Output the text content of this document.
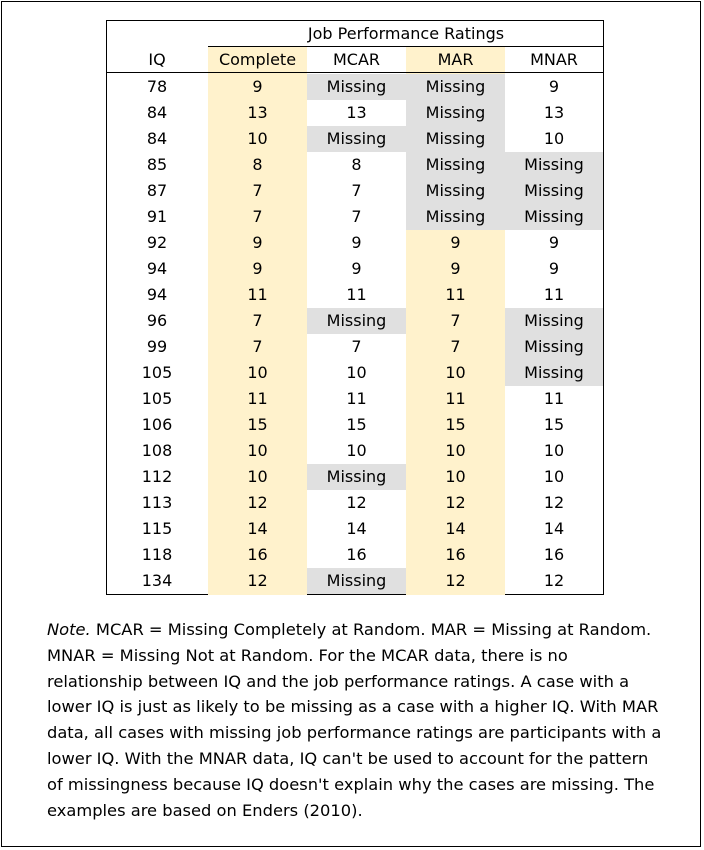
Job Performance Ratings
IQ	Complete	MCAR	MAR	MNAR
78	9	Missing	Missing	9
84	13	13	Missing	13
84	10	Missing	Missing	10
85	8	8	Missing	Missing
87	7	7	Missing	Missing
91	7	7	Missing	Missing
92	9	9	9	9
94	9	9	9	9
94	11	11	11	11
96	7	Missing	7	Missing
99	7	7	7	Missing
105	10	10	10	Missing
105	11	11	11	11
106	15	15	15	15
108	10	10	10	10
112	10	Missing	10	10
113	12	12	12	12
115	14	14	14	14
118	16	16	16	16
134	12	Missing	12	12

Note. MCAR = Missing Completely at Random. MAR = Missing at Random. MNAR = Missing Not at Random. For the MCAR data, there is no relationship between IQ and the job performance ratings. A case with a lower IQ is just as likely to be missing as a case with a higher IQ. With MAR data, all cases with missing job performance ratings are participants with a lower IQ. With the MNAR data, IQ can't be used to account for the pattern of missingness because IQ doesn't explain why the cases are missing. The examples are based on Enders (2010).
